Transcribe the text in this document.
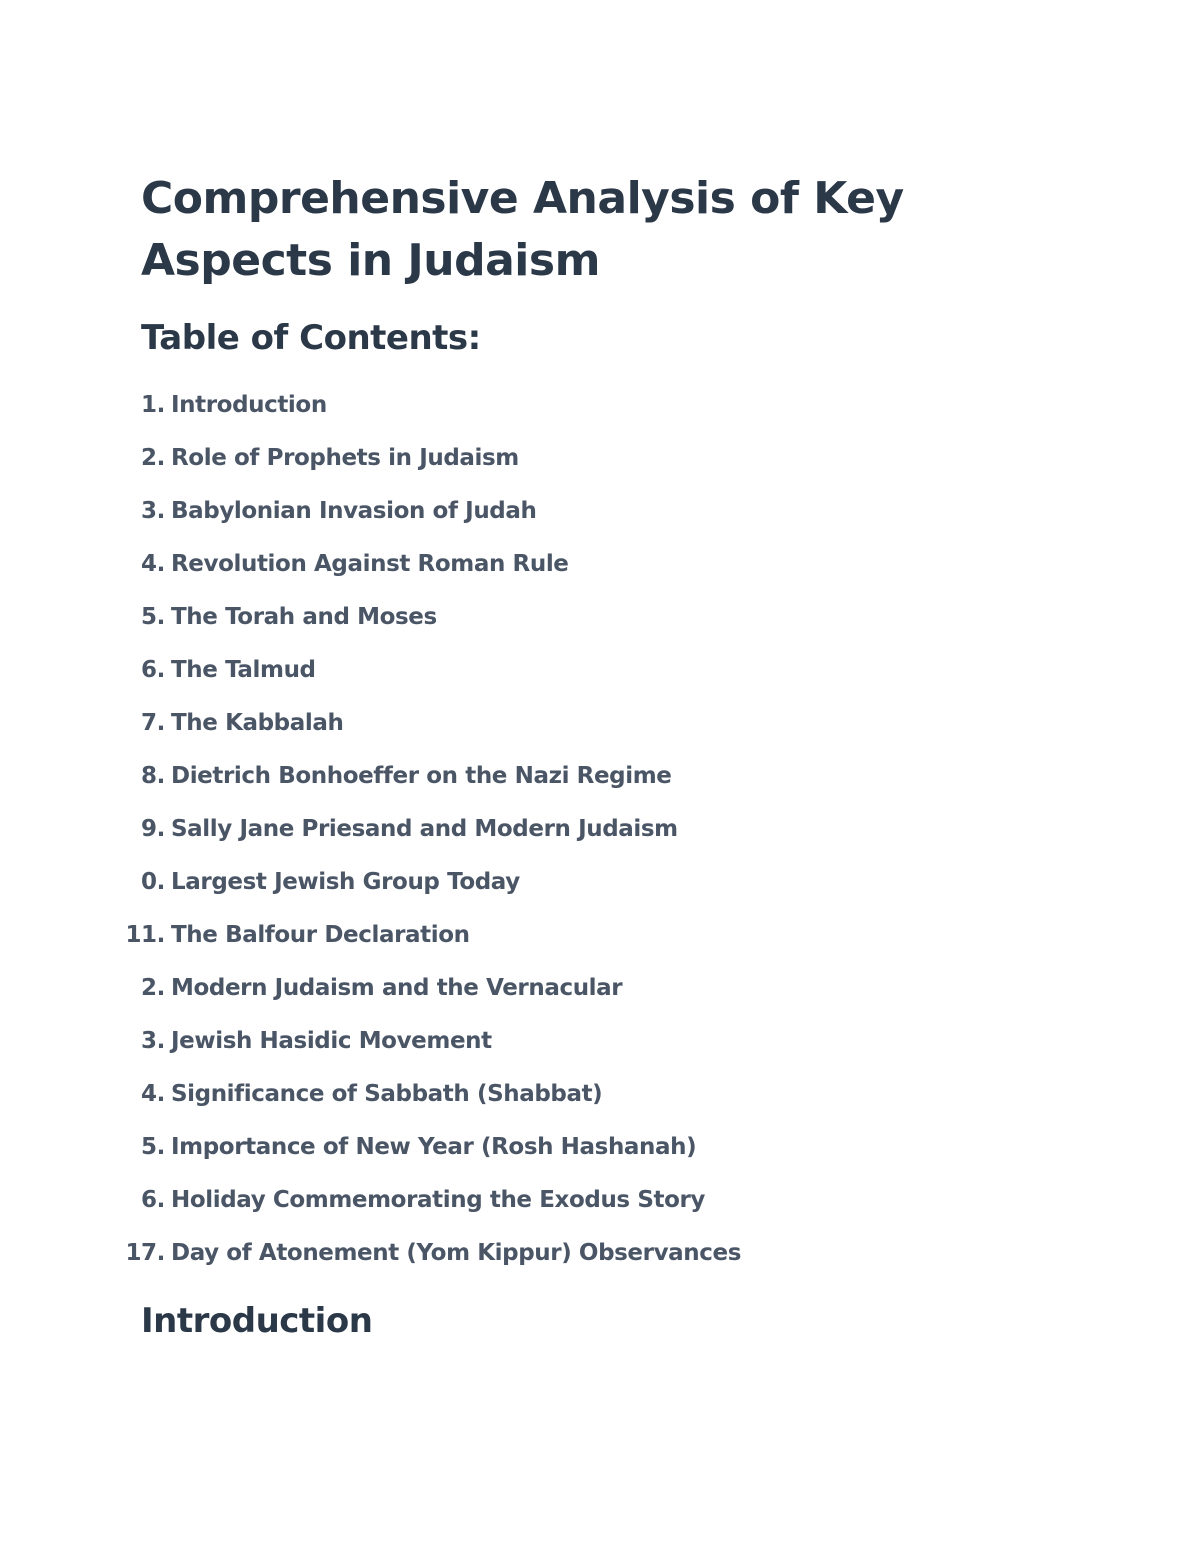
Comprehensive Analysis of Key Aspects in Judaism
Table of Contents:
1. Introduction
2. Role of Prophets in Judaism
3. Babylonian Invasion of Judah
4. Revolution Against Roman Rule
5. The Torah and Moses
6. The Talmud
7. The Kabbalah
8. Dietrich Bonhoeffer on the Nazi Regime
9. Sally Jane Priesand and Modern Judaism
0. Largest Jewish Group Today
11. The Balfour Declaration
2. Modern Judaism and the Vernacular
3. Jewish Hasidic Movement
4. Significance of Sabbath (Shabbat)
5. Importance of New Year (Rosh Hashanah)
6. Holiday Commemorating the Exodus Story
17. Day of Atonement (Yom Kippur) Observances
Introduction
